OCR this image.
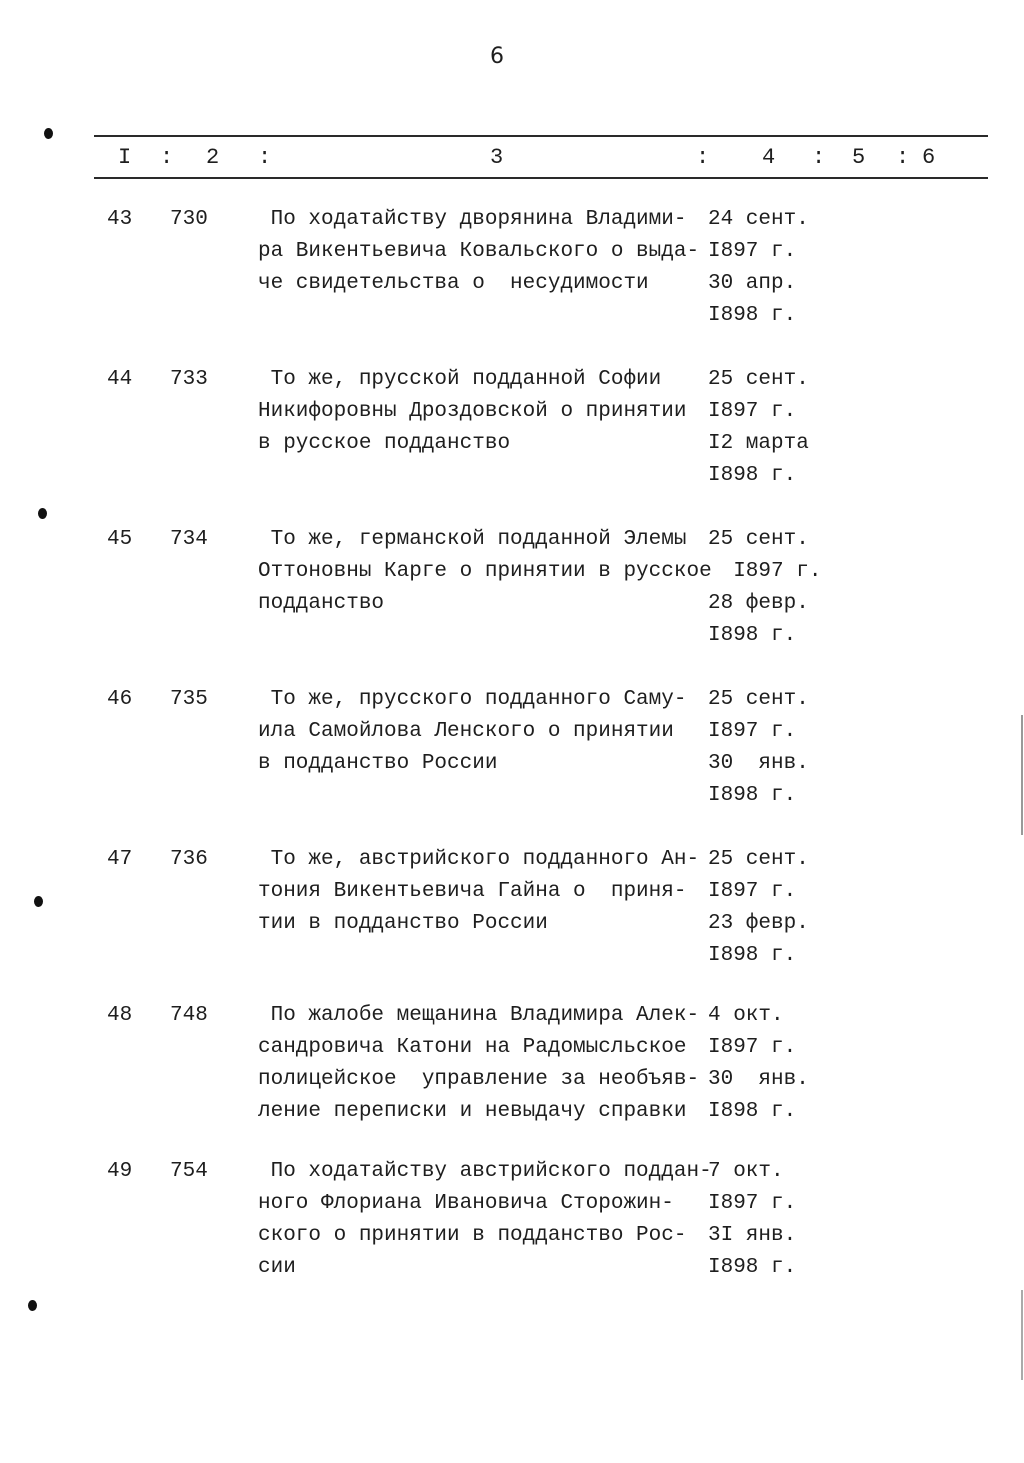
6
I : 2 :	3	: 4 : 5 : 6
43 730 По ходатайству дворянина Владими-
ра Викентьевича Ковальского о выда-
че свидетельства о  несудимости
24 сент.
I897 г.
30 апр.
I898 г.
44 733 То же, прусской подданной Софии
Никифоровны Дроздовской о принятии
в русское подданство
25 сент.
I897 г.
I2 марта
I898 г.
45 734 То же, германской подданной Элемы
Оттоновны Карге о принятии в русское
подданство
25 сент.
I897 г.
28 февр.
I898 г.
46 735 То же, прусского подданного Саму-
ила Самойлова Ленского о принятии
в подданство России
25 сент.
I897 г.
30  янв.
I898 г.
47 736 То же, австрийского подданного Ан-
тония Викентьевича Гайна о  приня-
тии в подданство России
25 сент.
I897 г.
23 февр.
I898 г.
48 748 По жалобе мещанина Владимира Алек-
сандровича Катони на Радомысльское
полицейское  управление за необъяв-
ление переписки и невыдачу справки
4 окт.
I897 г.
30  янв.
I898 г.
49 754 По ходатайству австрийского поддан-
ного Флориана Ивановича Сторожин-
ского о принятии в подданство Рос-
сии
7 окт.
I897 г.
3I янв.
I898 г.
